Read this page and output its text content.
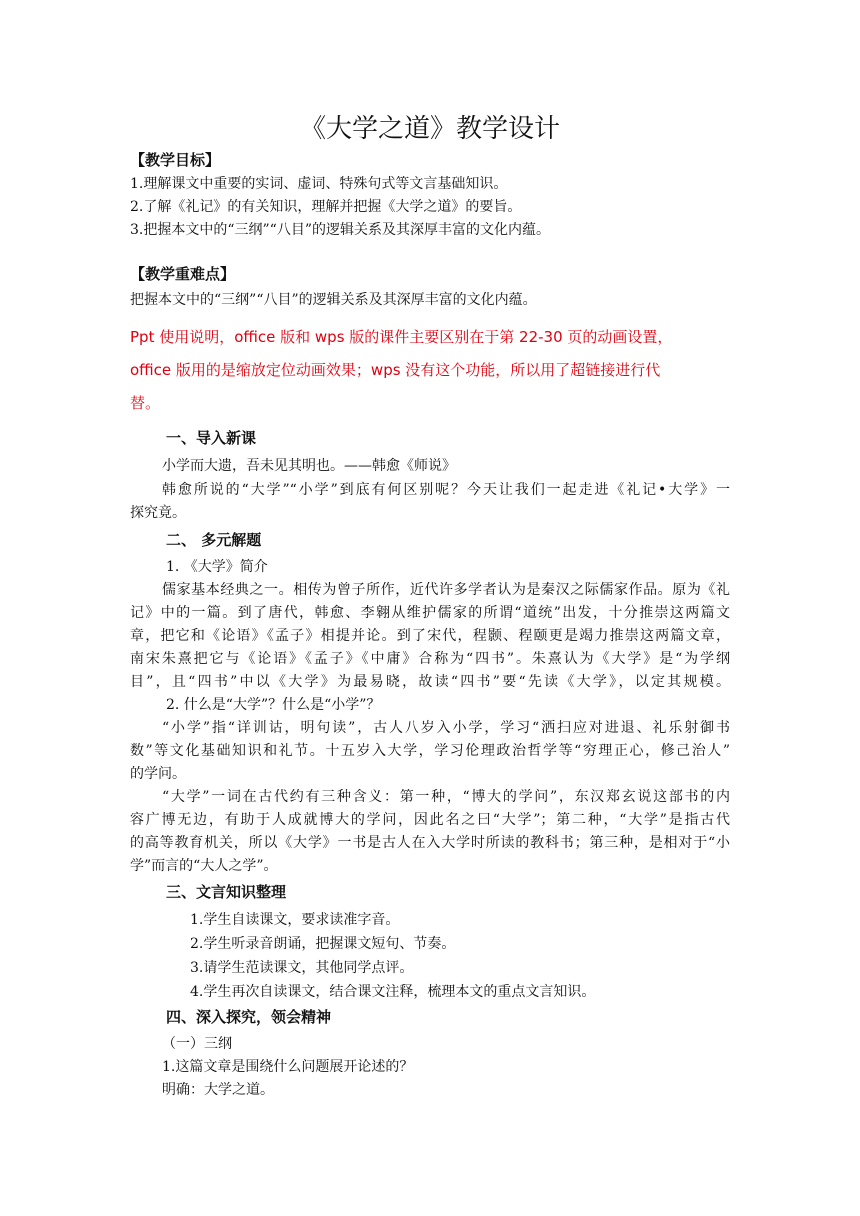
《大学之道》教学设计
【教学目标】
1.理解课文中重要的实词、虚词、特殊句式等文言基础知识。
2.了解《礼记》的有关知识，理解并把握《大学之道》的要旨。
3.把握本文中的“三纲”“八目”的逻辑关系及其深厚丰富的文化内蕴。
【教学重难点】
把握本文中的“三纲”“八目”的逻辑关系及其深厚丰富的文化内蕴。
Ppt 使用说明，office 版和 wps 版的课件主要区别在于第 22-30 页的动画设置，
office 版用的是缩放定位动画效果；wps 没有这个功能，所以用了超链接进行代
替。
一、导入新课
小学而大遗，吾未见其明也。——韩愈《师说》
韩愈所说的“大学”“小学”到底有何区别呢？今天让我们一起走进《礼记•大学》一
探究竟。
二、 多元解题
1. 《大学》简介
儒家基本经典之一。相传为曾子所作，近代许多学者认为是秦汉之际儒家作品。原为《礼
记》中的一篇。到了唐代，韩愈、李翱从维护儒家的所谓“道统”出发，十分推崇这两篇文
章，把它和《论语》《孟子》相提并论。到了宋代，程颢、程颐更是竭力推崇这两篇文章，
南宋朱熹把它与《论语》《孟子》《中庸》合称为“四书”。朱熹认为《大学》是“为学纲
目”，且“四书”中以《大学》为最易晓，故读“四书”要“先读《大学》，以定其规模。
2. 什么是“大学”？什么是“小学”？
“小学”指“详训诂，明句读”，古人八岁入小学，学习“洒扫应对进退、礼乐射御书
数”等文化基础知识和礼节。十五岁入大学，学习伦理政治哲学等“穷理正心，修己治人”
的学问。
“大学”一词在古代约有三种含义：第一种，“博大的学问”，东汉郑玄说这部书的内
容广博无边，有助于人成就博大的学问，因此名之曰“大学”；第二种，“大学”是指古代
的高等教育机关，所以《大学》一书是古人在入大学时所读的教科书；第三种，是相对于“小
学”而言的“大人之学”。
三、文言知识整理
1.学生自读课文，要求读准字音。
2.学生听录音朗诵，把握课文短句、节奏。
3.请学生范读课文，其他同学点评。
4.学生再次自读课文，结合课文注释，梳理本文的重点文言知识。
四、深入探究，领会精神
（一）三纲
1.这篇文章是围绕什么问题展开论述的？
明确：大学之道。
